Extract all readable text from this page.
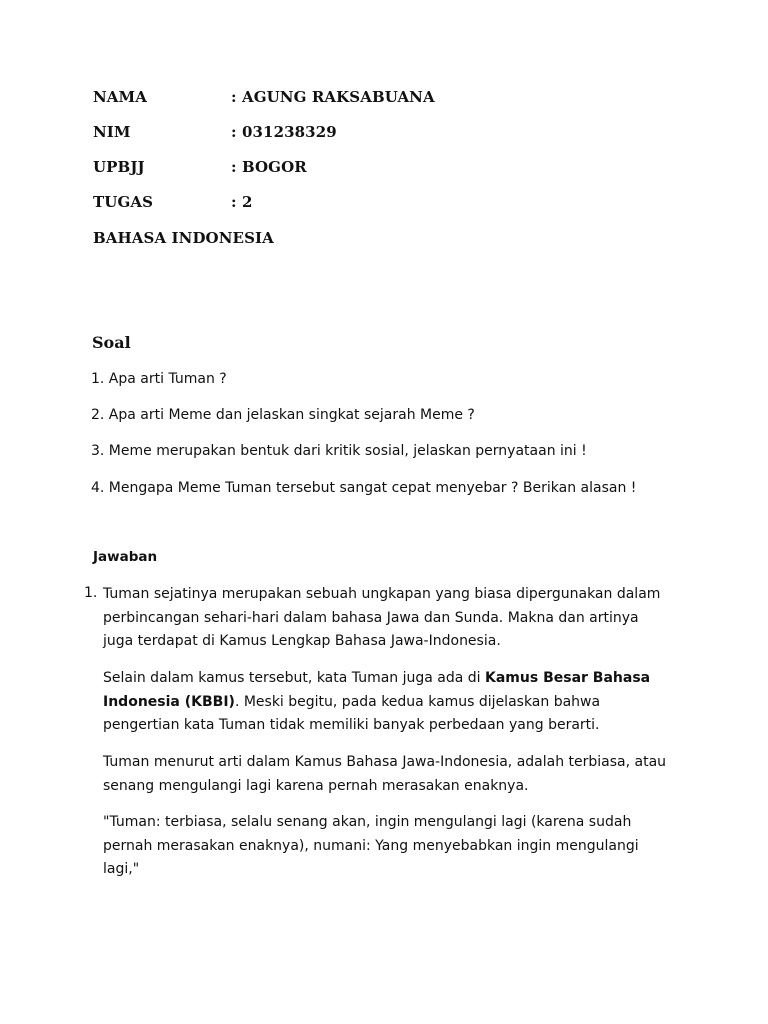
NAMA	: AGUNG RAKSABUANA
NIM	: 031238329
UPBJJ	: BOGOR
TUGAS	: 2
BAHASA INDONESIA
Soal
1. Apa arti Tuman ?
2. Apa arti Meme dan jelaskan singkat sejarah Meme ?
3. Meme merupakan bentuk dari kritik sosial, jelaskan pernyataan ini !
4. Mengapa Meme Tuman tersebut sangat cepat menyebar ? Berikan alasan !
Jawaban
1. Tuman sejatinya merupakan sebuah ungkapan yang biasa dipergunakan dalam perbincangan sehari-hari dalam bahasa Jawa dan Sunda. Makna dan artinya juga terdapat di Kamus Lengkap Bahasa Jawa-Indonesia.
Selain dalam kamus tersebut, kata Tuman juga ada di Kamus Besar Bahasa Indonesia (KBBI). Meski begitu, pada kedua kamus dijelaskan bahwa pengertian kata Tuman tidak memiliki banyak perbedaan yang berarti.
Tuman menurut arti dalam Kamus Bahasa Jawa-Indonesia, adalah terbiasa, atau senang mengulangi lagi karena pernah merasakan enaknya.
"Tuman: terbiasa, selalu senang akan, ingin mengulangi lagi (karena sudah pernah merasakan enaknya), numani: Yang menyebabkan ingin mengulangi lagi,"
